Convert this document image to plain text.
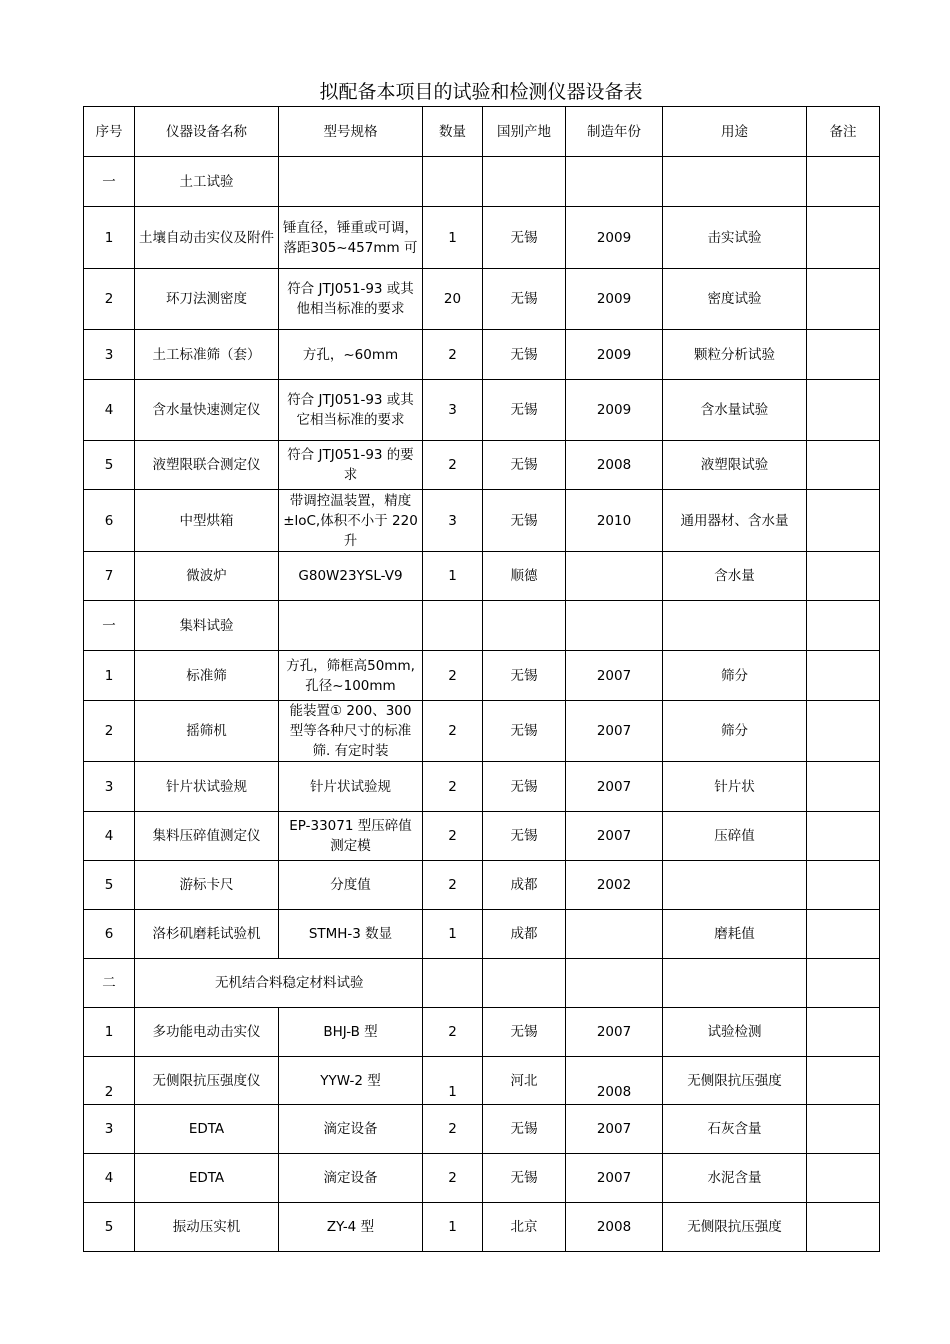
拟配备本项目的试验和检测仪器设备表
序号	仪器设备名称	型号规格	数量	国别产地	制造年份	用途	备注
一	土工试验						

1	土壤自动击实仪及附件	锤直径，锤重或可调，落距305~457mm 可	1	无锡	2009	击实试验	

2	环刀法测密度	符合 JTJ051-93 或其他相当标准的要求	20	无锡	2009	密度试验	

3	土工标准筛（套）	方孔，~60mm	2	无锡	2009	颗粒分析试验	

4	含水量快速测定仪	符合 JTJ051-93 或其它相当标准的要求	3	无锡	2009	含水量试验	

5	液塑限联合测定仪	符合 JTJ051-93 的要求	2	无锡	2008	液塑限试验	

6	中型烘箱	带调控温装置，精度±loC,体积不小于 220升	3	无锡	2010	通用器材、含水量	

7	微波炉	G80W23YSL-V9	1	顺德		含水量	

一	集料试验						

1	标准筛	方孔，筛框高50mm,孔径~100mm	2	无锡	2007	筛分	

2	摇筛机	能装置① 200、300 型等各种尺寸的标准筛. 有定时装	2	无锡	2007	筛分	

3	针片状试验规	针片状试验规	2	无锡	2007	针片状	

4	集料压碎值测定仪	EP-33071 型压碎值测定模	2	无锡	2007	压碎值	

5	游标卡尺	分度值	2	成都	2002		

6	洛杉矶磨耗试验机	STMH-3 数显	1	成都		磨耗值	

二	无机结合料稳定材料试验						

1	多功能电动击实仪	BHJ-B 型	2	无锡	2007	试验检测	

2	无侧限抗压强度仪	YYW-2 型	1	河北	2008	无侧限抗压强度	

3	EDTA	滴定设备	2	无锡	2007	石灰含量	

4	EDTA	滴定设备	2	无锡	2007	水泥含量	

5	振动压实机	ZY-4 型	1	北京	2008	无侧限抗压强度	
